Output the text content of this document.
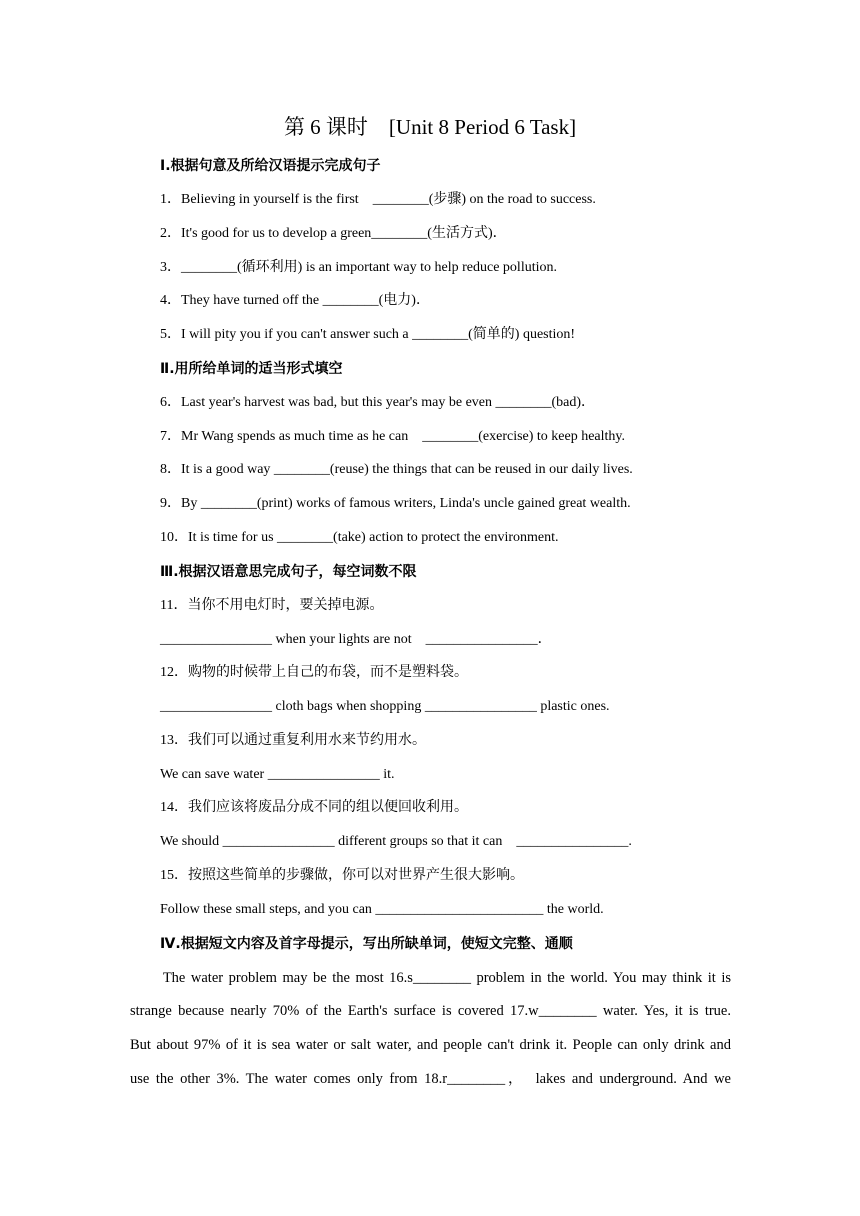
第 6 课时　[Unit 8 Period 6 Task]
Ⅰ.根据句意及所给汉语提示完成句子
1．Believing in yourself is the first　________(步骤) on the road to success.
2．It's good for us to develop a green________(生活方式)．
3．________(循环利用) is an important way to help reduce pollution.
4．They have turned off the ________(电力)．
5．I will pity you if you can't answer such a ________(简单的) question!
Ⅱ.用所给单词的适当形式填空
6．Last year's harvest was bad, but this year's may be even ________(bad)．
7．Mr Wang spends as much time as he can　________(exercise) to keep healthy.
8．It is a good way ________(reuse) the things that can be reused in our daily lives.
9．By ________(print) works of famous writers, Linda's uncle gained great wealth.
10．It is time for us ________(take) action to protect the environment.
Ⅲ.根据汉语意思完成句子，每空词数不限
11．当你不用电灯时，要关掉电源。
________________ when your lights are not　________________．
12．购物的时候带上自己的布袋，而不是塑料袋。
________________ cloth bags when shopping ________________ plastic ones.
13．我们可以通过重复利用水来节约用水。
We can save water ________________ it.
14．我们应该将废品分成不同的组以便回收利用。
We should ________________ different groups so that it can　________________.
15．按照这些简单的步骤做，你可以对世界产生很大影响。
Follow these small steps, and you can ________________________ the world.
Ⅳ.根据短文内容及首字母提示，写出所缺单词，使短文完整、通顺
　　The water problem may be the most 16.s________ problem in the world. You may think it is
strange because nearly 70% of the Earth's surface is covered 17.w________ water. Yes, it is true.
But about 97% of it is sea water or salt water, and people can't drink it. People can only drink and
use the other 3%. The water comes only from 18.r________，　lakes and underground. And we
